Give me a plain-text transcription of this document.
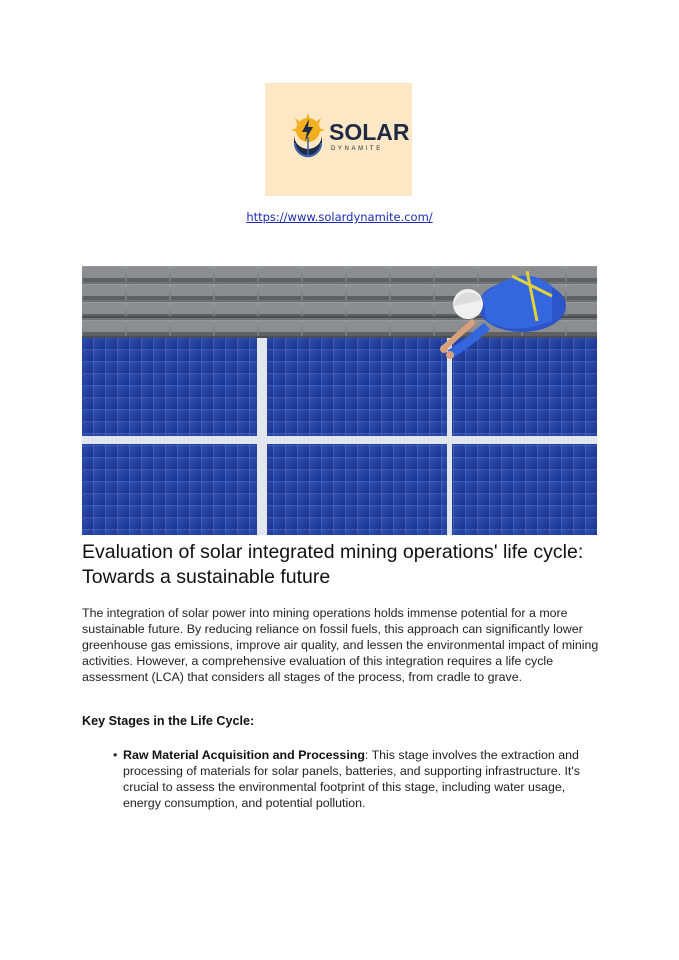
SOLAR
DYNAMITE
https://www.solardynamite.com/
Evaluation of solar integrated mining operations' life cycle: Towards a sustainable future

The integration of solar power into mining operations holds immense potential for a more sustainable future. By reducing reliance on fossil fuels, this approach can significantly lower greenhouse gas emissions, improve air quality, and lessen the environmental impact of mining activities. However, a comprehensive evaluation of this integration requires a life cycle assessment (LCA) that considers all stages of the process, from cradle to grave.

Key Stages in the Life Cycle:
• Raw Material Acquisition and Processing: This stage involves the extraction and processing of materials for solar panels, batteries, and supporting infrastructure. It's crucial to assess the environmental footprint of this stage, including water usage, energy consumption, and potential pollution.
